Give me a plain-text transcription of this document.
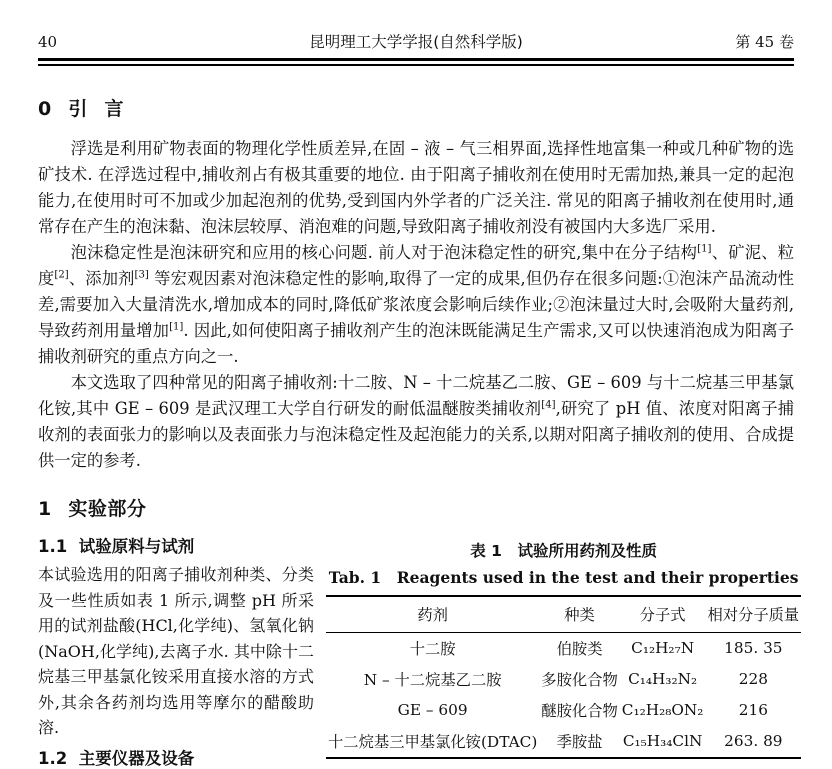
40	昆明理工大学学报(自然科学版)	第 45 卷
0 引 言

浮选是利用矿物表面的物理化学性质差异,在固 – 液 – 气三相界面,选择性地富集一种或几种矿物的选矿技术. 在浮选过程中,捕收剂占有极其重要的地位. 由于阳离子捕收剂在使用时无需加热,兼具一定的起泡能力,在使用时可不加或少加起泡剂的优势,受到国内外学者的广泛关注. 常见的阳离子捕收剂在使用时,通常存在产生的泡沫黏、泡沫层较厚、消泡难的问题,导致阳离子捕收剂没有被国内大多选厂采用.

泡沫稳定性是泡沫研究和应用的核心问题. 前人对于泡沫稳定性的研究,集中在分子结构[1]、矿泥、粒度[2]、添加剂[3] 等宏观因素对泡沫稳定性的影响,取得了一定的成果,但仍存在很多问题:①泡沫产品流动性差,需要加入大量清洗水,增加成本的同时,降低矿浆浓度会影响后续作业;②泡沫量过大时,会吸附大量药剂,导致药剂用量增加[1]. 因此,如何使阳离子捕收剂产生的泡沫既能满足生产需求,又可以快速消泡成为阳离子捕收剂研究的重点方向之一.

本文选取了四种常见的阳离子捕收剂:十二胺、N – 十二烷基乙二胺、GE – 609 与十二烷基三甲基氯化铵,其中 GE – 609 是武汉理工大学自行研发的耐低温醚胺类捕收剂[4],研究了 pH 值、浓度对阳离子捕收剂的表面张力的影响以及表面张力与泡沫稳定性及起泡能力的关系,以期对阳离子捕收剂的使用、合成提供一定的参考.

1 实验部分
1.1 试验原料与试剂

本试验选用的阳离子捕收剂种类、分类及一些性质如表 1 所示,调整 pH 所采用的试剂盐酸(HCl,化学纯)、氢氧化钠(NaOH,化学纯),去离子水. 其中除十二烷基三甲基氯化铵采用直接水溶的方式外,其余各药剂均选用等摩尔的醋酸助溶.

1.2 主要仪器及设备
表 1　试验所用药剂及性质
Tab. 1　Reagents used in the test and their properties
药剂	种类	分子式	相对分子质量
十二胺	伯胺类	C₁₂H₂₇N	185. 35
N – 十二烷基乙二胺	多胺化合物	C₁₄H₃₂N₂	228
GE – 609	醚胺化合物	C₁₂H₂₈ON₂	216
十二烷基三甲基氯化铵(DTAC)	季胺盐	C₁₅H₃₄ClN	263. 89
